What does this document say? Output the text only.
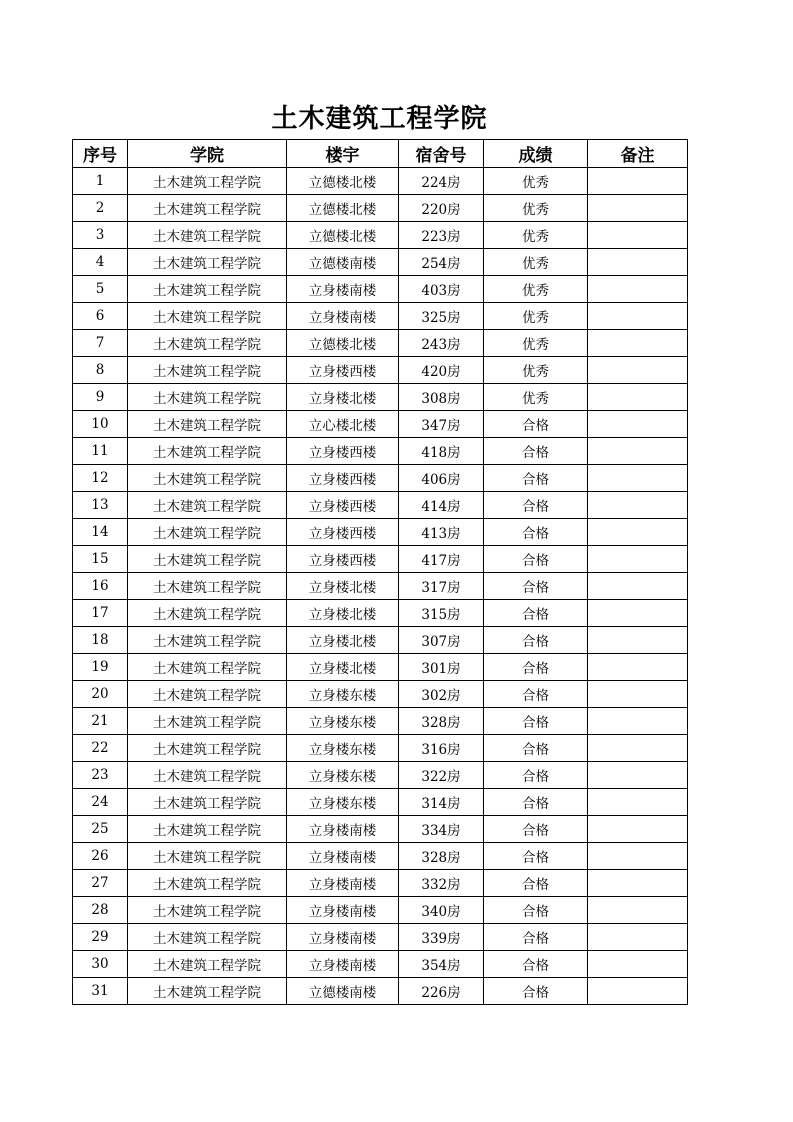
土木建筑工程学院
序号	学院	楼宇	宿舍号	成绩	备注
1	土木建筑工程学院	立德楼北楼	224房	优秀	
2	土木建筑工程学院	立德楼北楼	220房	优秀	
3	土木建筑工程学院	立德楼北楼	223房	优秀	
4	土木建筑工程学院	立德楼南楼	254房	优秀	
5	土木建筑工程学院	立身楼南楼	403房	优秀	
6	土木建筑工程学院	立身楼南楼	325房	优秀	
7	土木建筑工程学院	立德楼北楼	243房	优秀	
8	土木建筑工程学院	立身楼西楼	420房	优秀	
9	土木建筑工程学院	立身楼北楼	308房	优秀	
10	土木建筑工程学院	立心楼北楼	347房	合格	
11	土木建筑工程学院	立身楼西楼	418房	合格	
12	土木建筑工程学院	立身楼西楼	406房	合格	
13	土木建筑工程学院	立身楼西楼	414房	合格	
14	土木建筑工程学院	立身楼西楼	413房	合格	
15	土木建筑工程学院	立身楼西楼	417房	合格	
16	土木建筑工程学院	立身楼北楼	317房	合格	
17	土木建筑工程学院	立身楼北楼	315房	合格	
18	土木建筑工程学院	立身楼北楼	307房	合格	
19	土木建筑工程学院	立身楼北楼	301房	合格	
20	土木建筑工程学院	立身楼东楼	302房	合格	
21	土木建筑工程学院	立身楼东楼	328房	合格	
22	土木建筑工程学院	立身楼东楼	316房	合格	
23	土木建筑工程学院	立身楼东楼	322房	合格	
24	土木建筑工程学院	立身楼东楼	314房	合格	
25	土木建筑工程学院	立身楼南楼	334房	合格	
26	土木建筑工程学院	立身楼南楼	328房	合格	
27	土木建筑工程学院	立身楼南楼	332房	合格	
28	土木建筑工程学院	立身楼南楼	340房	合格	
29	土木建筑工程学院	立身楼南楼	339房	合格	
30	土木建筑工程学院	立身楼南楼	354房	合格	
31	土木建筑工程学院	立德楼南楼	226房	合格	
